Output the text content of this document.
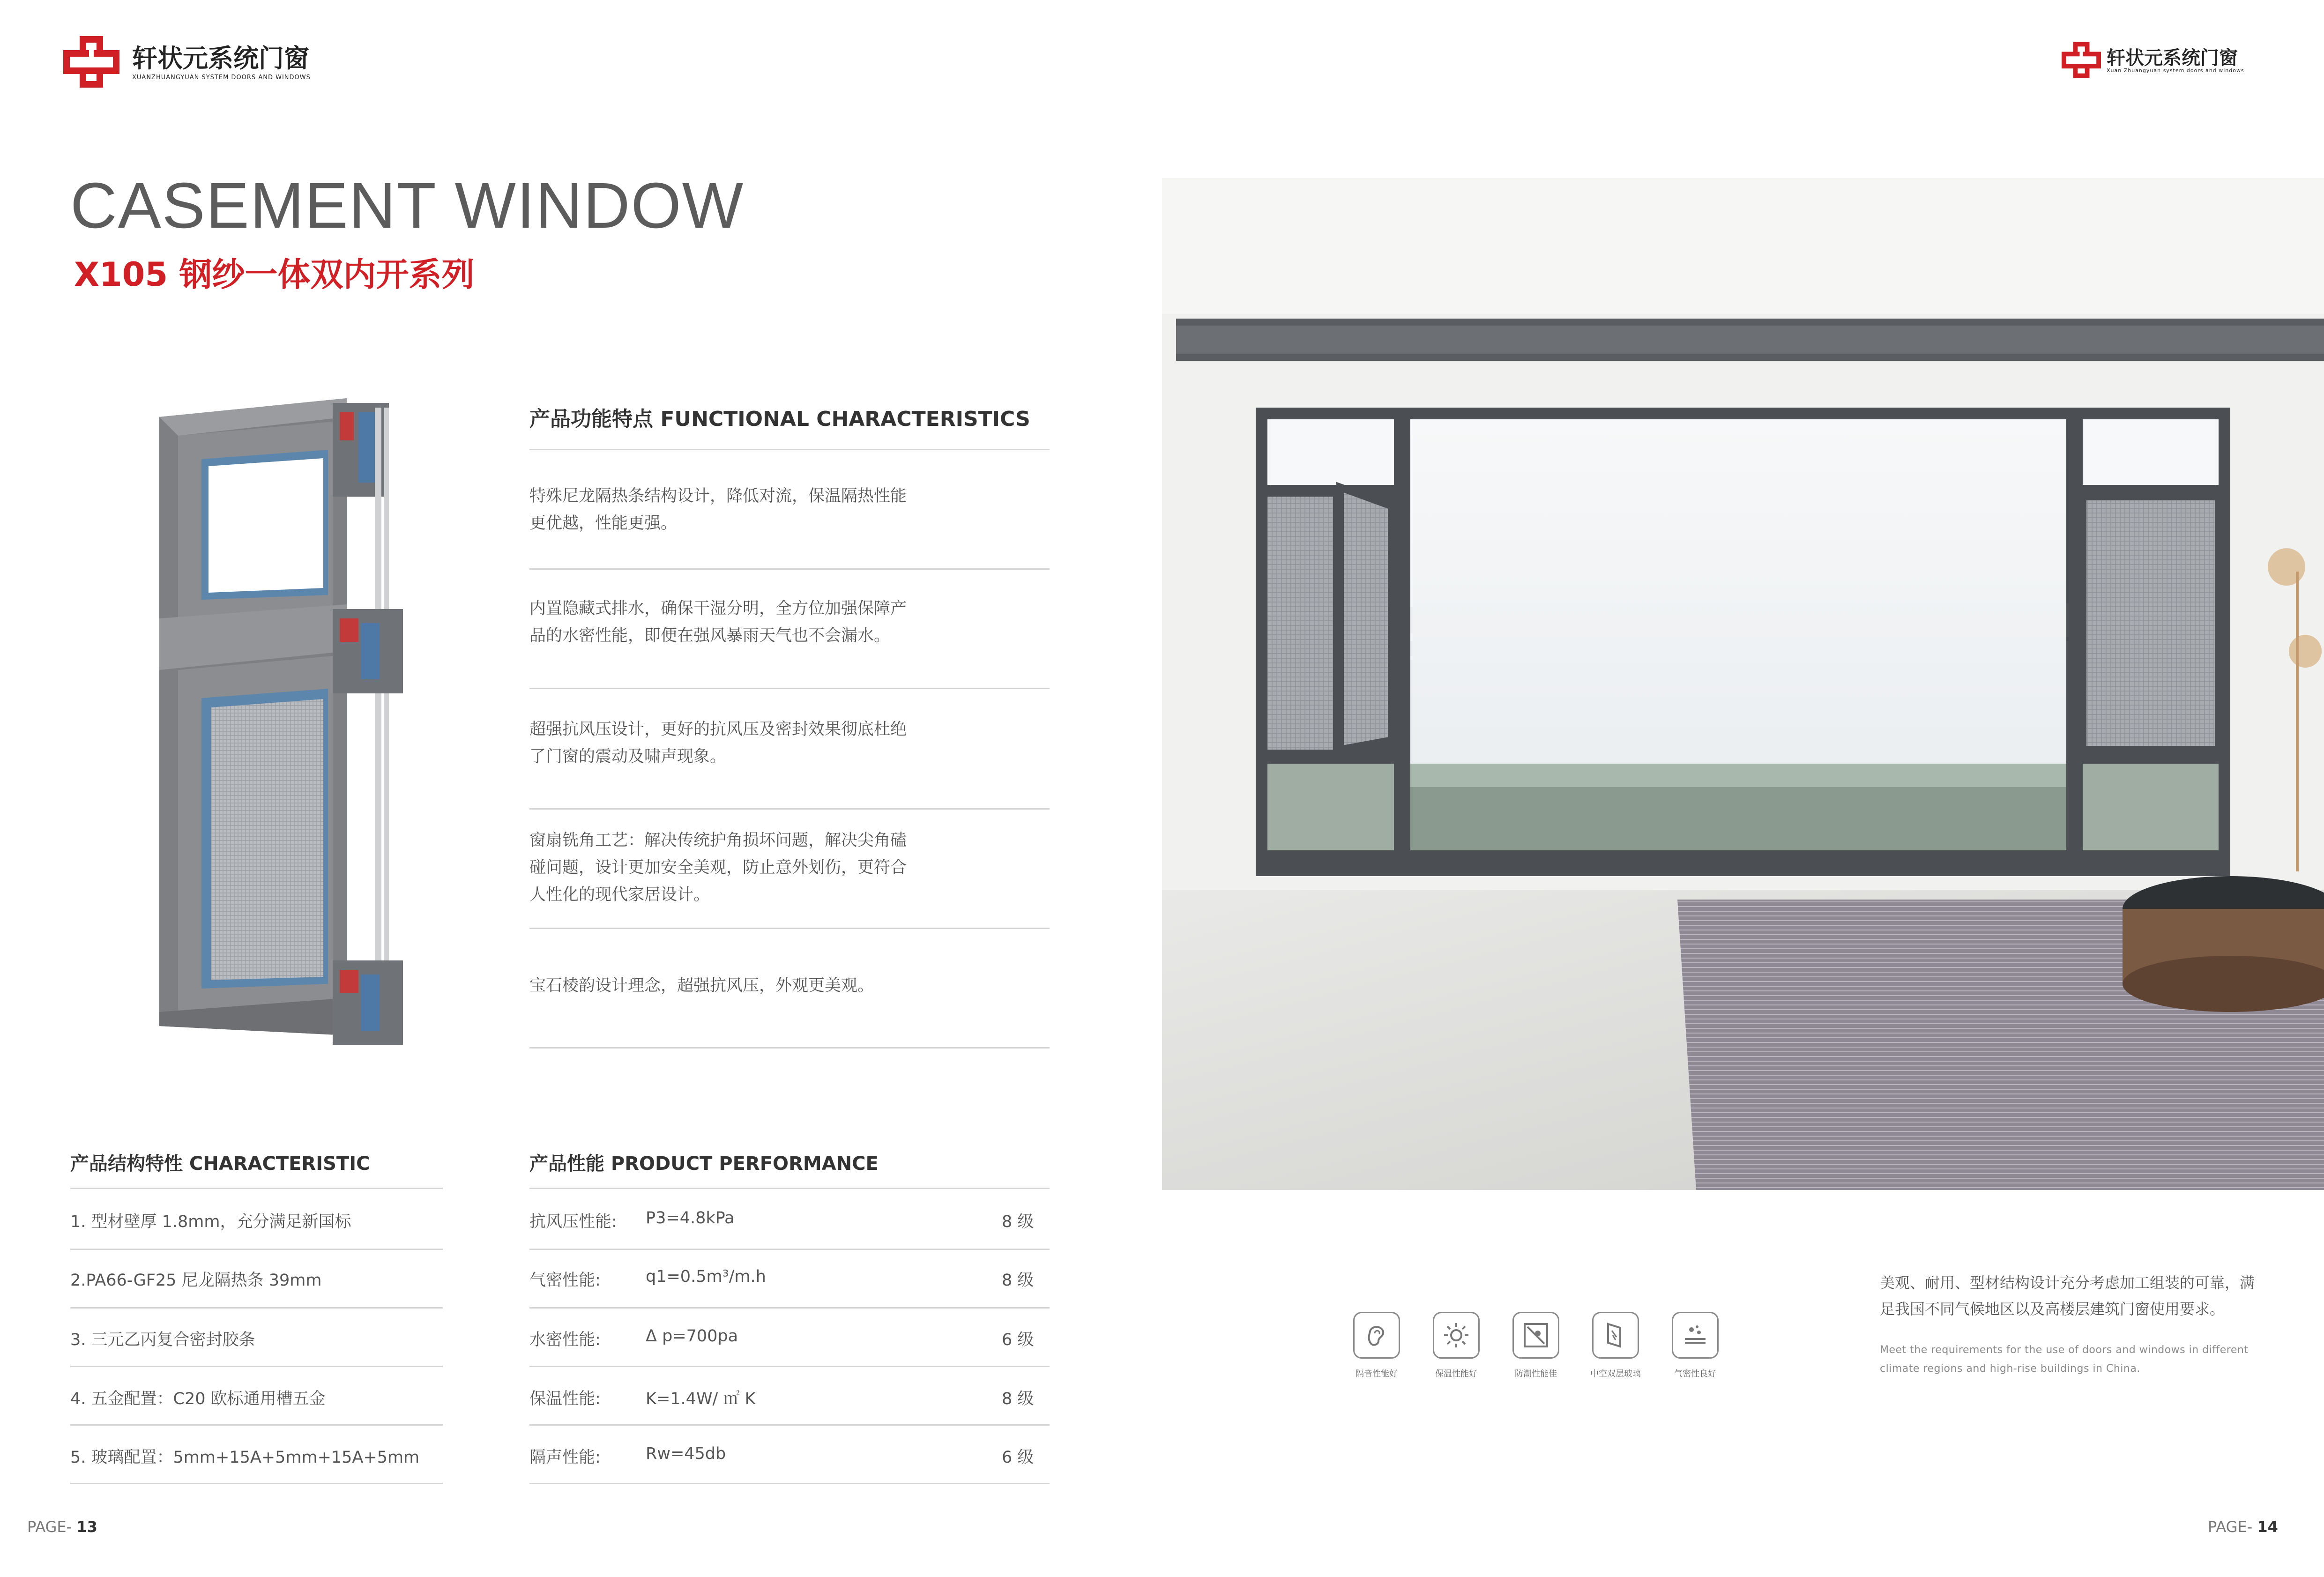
轩状元系统门窗
XUANZHUANGYUAN SYSTEM DOORS AND WINDOWS
CASEMENT WINDOW
X105 钢纱一体双内开系列
产品功能特点 FUNCTIONAL CHARACTERISTICS
特殊尼龙隔热条结构设计，降低对流，保温隔热性能更优越，性能更强。
内置隐藏式排水，确保干湿分明，全方位加强保障产品的水密性能，即便在强风暴雨天气也不会漏水。
超强抗风压设计，更好的抗风压及密封效果彻底杜绝了门窗的震动及啸声现象。
窗扇铣角工艺：解决传统护角损坏问题，解决尖角磕碰问题，设计更加安全美观，防止意外划伤，更符合人性化的现代家居设计。
宝石棱韵设计理念，超强抗风压，外观更美观。
产品结构特性 CHARACTERISTIC
1. 型材壁厚 1.8mm，充分满足新国标
2.PA66-GF25 尼龙隔热条 39mm
3. 三元乙丙复合密封胶条
4. 五金配置：C20 欧标通用槽五金
5. 玻璃配置：5mm+15A+5mm+15A+5mm
产品性能 PRODUCT PERFORMANCE
抗风压性能: P3=4.8kPa	8 级
气密性能:	q1=0.5m³/m.h	8 级
水密性能:	Δ p=700pa	6 级
保温性能:	K=1.4W/ ㎡ K	8 级
隔声性能:	Rw=45db	6 级
PAGE- 13
轩状元系统门窗
Xuan Zhuangyuan system doors and windows
美观、耐用、型材结构设计充分考虑加工组装的可靠，满足我国不同气候地区以及高楼层建筑门窗使用要求。
Meet the requirements for the use of doors and windows in different climate regions and high-rise buildings in China.
隔音性能好	保温性能好	防潮性能佳	中空双层玻璃	气密性良好
PAGE- 14
